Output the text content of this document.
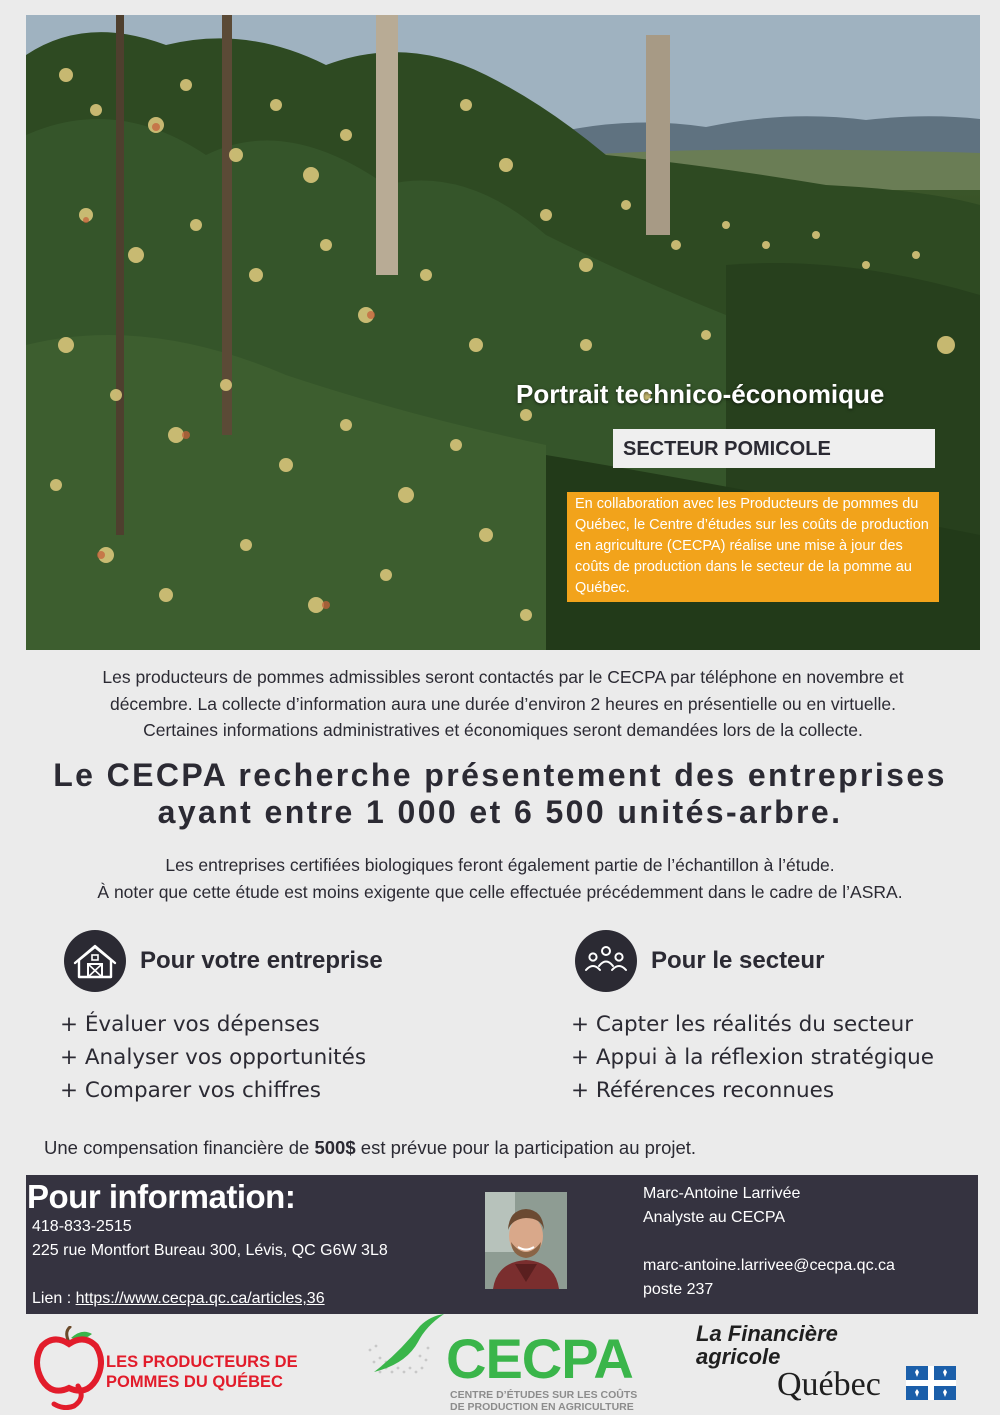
Portrait technico-économique
SECTEUR POMICOLE
En collaboration avec les Producteurs de pommes du Québec, le Centre d’études sur les coûts de production en agriculture (CECPA) réalise une mise à jour des coûts de production dans le secteur de la pomme au Québec.
Les producteurs de pommes admissibles seront contactés par le CECPA par téléphone en novembre et
décembre. La collecte d’information aura une durée d’environ 2 heures en présentielle ou en virtuelle.
Certaines informations administratives et économiques seront demandées lors de la collecte.
Le CECPA recherche présentement des entreprises
ayant entre 1 000 et 6 500 unités-arbre.
Les entreprises certifiées biologiques feront également partie de l’échantillon à l’étude.
À noter que cette étude est moins exigente que celle effectuée précédemment dans le cadre de l’ASRA.
Pour votre entreprise
+ Évaluer vos dépenses
+ Analyser vos opportunités
+ Comparer vos chiffres
Pour le secteur
+ Capter les réalités du secteur
+ Appui à la réflexion stratégique
+ Références reconnues
Une compensation financière de 500$ est prévue pour la participation au projet.
Pour information:
418-833-2515
225 rue Montfort Bureau 300, Lévis, QC G6W 3L8
Lien : https://www.cecpa.qc.ca/articles,36
Marc-Antoine Larrivée
Analyste au CECPA
marc-antoine.larrivee@cecpa.qc.ca
poste 237
LES PRODUCTEURS DE
POMMES DU QUÉBEC	CECPA
CENTRE D’ÉTUDES SUR LES COÛTS
DE PRODUCTION EN AGRICULTURE
La Financière
agricole
Québec
